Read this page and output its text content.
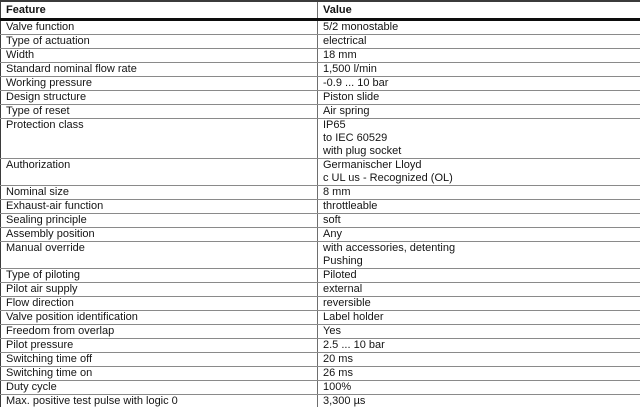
Feature	Value
Valve function	5/2 monostable

Type of actuation	electrical

Width	18 mm

Standard nominal flow rate	1,500 l/min

Working pressure	-0.9 ... 10 bar

Design structure	Piston slide

Type of reset	Air spring

Protection class	IP65
to IEC 60529
with plug socket

Authorization	Germanischer Lloyd
c UL us - Recognized (OL)

Nominal size	8 mm

Exhaust-air function	throttleable

Sealing principle	soft

Assembly position	Any

Manual override	with accessories, detenting
Pushing

Type of piloting	Piloted

Pilot air supply	external

Flow direction	reversible

Valve position identification	Label holder

Freedom from overlap	Yes

Pilot pressure	2.5 ... 10 bar

Switching time off	20 ms

Switching time on	26 ms

Duty cycle	100%

Max. positive test pulse with logic 0	3,300 µs
